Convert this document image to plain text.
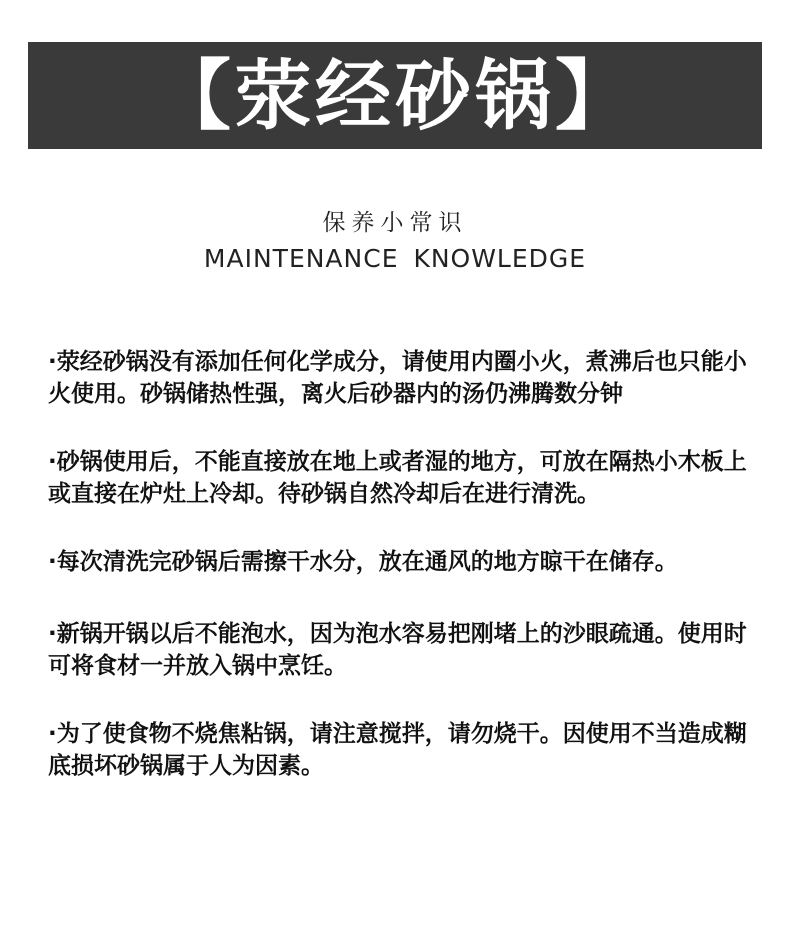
【荥经砂锅】
保养小常识
MAINTENANCE KNOWLEDGE

·荥经砂锅没有添加任何化学成分，请使用内圈小火，煮沸后也只能小火使用。砂锅储热性强，离火后砂器内的汤仍沸腾数分钟

·砂锅使用后，不能直接放在地上或者湿的地方，可放在隔热小木板上或直接在炉灶上冷却。待砂锅自然冷却后在进行清洗。

·每次清洗完砂锅后需擦干水分，放在通风的地方晾干在储存。

·新锅开锅以后不能泡水，因为泡水容易把刚堵上的沙眼疏通。使用时可将食材一并放入锅中烹饪。

·为了使食物不烧焦粘锅，请注意搅拌，请勿烧干。因使用不当造成糊底损坏砂锅属于人为因素。
